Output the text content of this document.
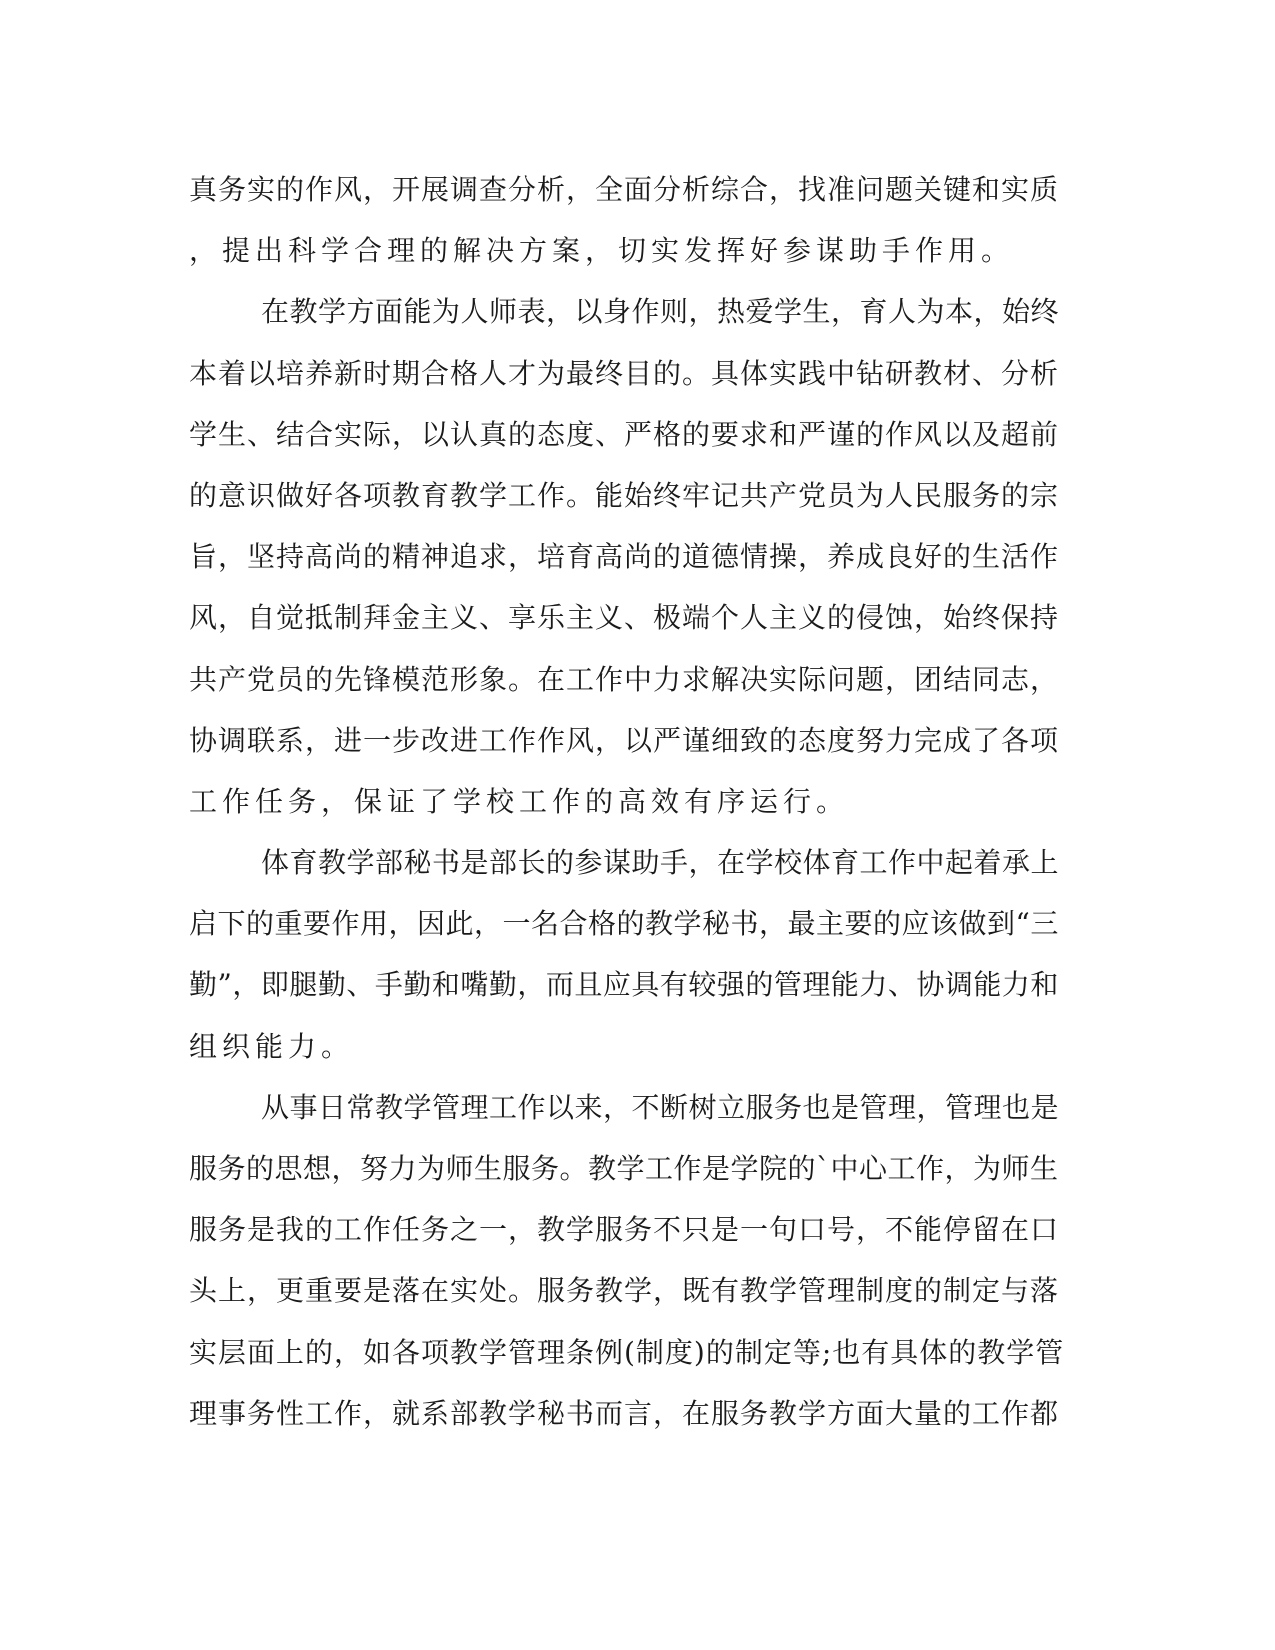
真务实的作风，开展调查分析，全面分析综合，找准问题关键和实质
，提出科学合理的解决方案，切实发挥好参谋助手作用。
在教学方面能为人师表，以身作则，热爱学生，育人为本，始终
本着以培养新时期合格人才为最终目的。具体实践中钻研教材、分析
学生、结合实际，以认真的态度、严格的要求和严谨的作风以及超前
的意识做好各项教育教学工作。能始终牢记共产党员为人民服务的宗
旨，坚持高尚的精神追求，培育高尚的道德情操，养成良好的生活作
风，自觉抵制拜金主义、享乐主义、极端个人主义的侵蚀，始终保持
共产党员的先锋模范形象。在工作中力求解决实际问题，团结同志，
协调联系，进一步改进工作作风，以严谨细致的态度努力完成了各项
工作任务，保证了学校工作的高效有序运行。
体育教学部秘书是部长的参谋助手，在学校体育工作中起着承上
启下的重要作用，因此，一名合格的教学秘书，最主要的应该做到“三
勤”，即腿勤、手勤和嘴勤，而且应具有较强的管理能力、协调能力和
组织能力。
从事日常教学管理工作以来，不断树立服务也是管理，管理也是
服务的思想，努力为师生服务。教学工作是学院的`中心工作，为师生
服务是我的工作任务之一，教学服务不只是一句口号，不能停留在口
头上，更重要是落在实处。服务教学，既有教学管理制度的制定与落
实层面上的，如各项教学管理条例(制度)的制定等;也有具体的教学管
理事务性工作，就系部教学秘书而言，在服务教学方面大量的工作都
